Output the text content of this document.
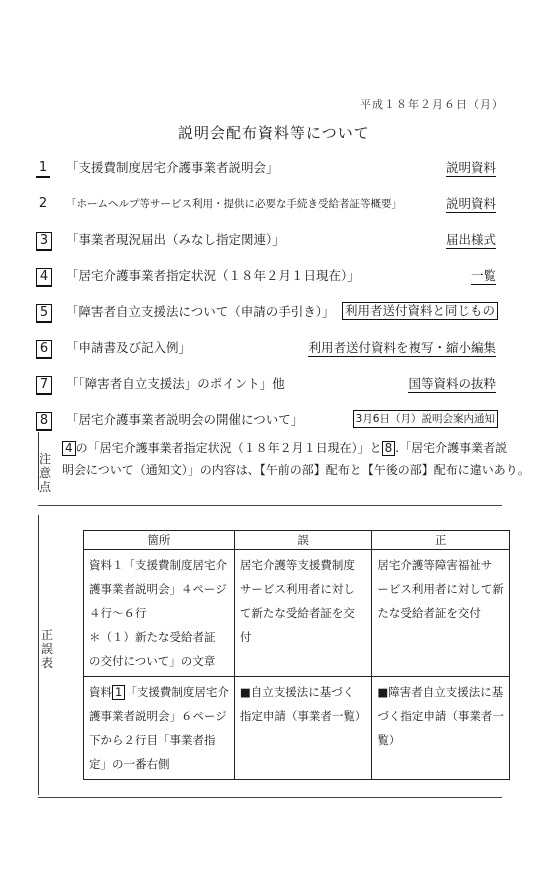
平成１８年２月６日（月）
説明会配布資料等について
1 「支援費制度居宅介護事業者説明会」	説明資料
2 「ホームヘルプ等サービス利用・提供に必要な手続き受給者証等概要」	説明資料
3	「事業者現況届出（みなし指定関連）」	届出様式
4	「居宅介護事業者指定状況（１８年２月１日現在）」	一覧
5	「障害者自立支援法について（申請の手引き）」 利用者送付資料と同じもの
6	「申請書及び記入例」	利用者送付資料を複写・縮小編集
7	「「障害者自立支援法」のポイント」他	国等資料の抜粋
8	「居宅介護事業者説明会の開催について」	3月6日（月）説明会案内通知
注意点
4 の「居宅介護事業者指定状況（１８年２月１日現在）」と 8 .「居宅介護事業者説
明会について（通知文）」の内容は、【午前の部】配布と【午後の部】配布に違いあり。
正誤表
箇所	誤	正

資料１「支援費制度居宅介
護事業者説明会」４ページ
４行～６行
＊（１）新たな受給者証
の交付について」の文章	居宅介護等支援費制度
サービス利用者に対し
て新たな受給者証を交
付	居宅介護等障害福祉サ
ービス利用者に対して新
たな受給者証を交付

資料 1 「支援費制度居宅介
護事業者説明会」６ページ
下から２行目「事業者指
定」の一番右側	■自立支援法に基づく
指定申請（事業者一覧）	■障害者自立支援法に基
づく指定申請（事業者一
覧）
